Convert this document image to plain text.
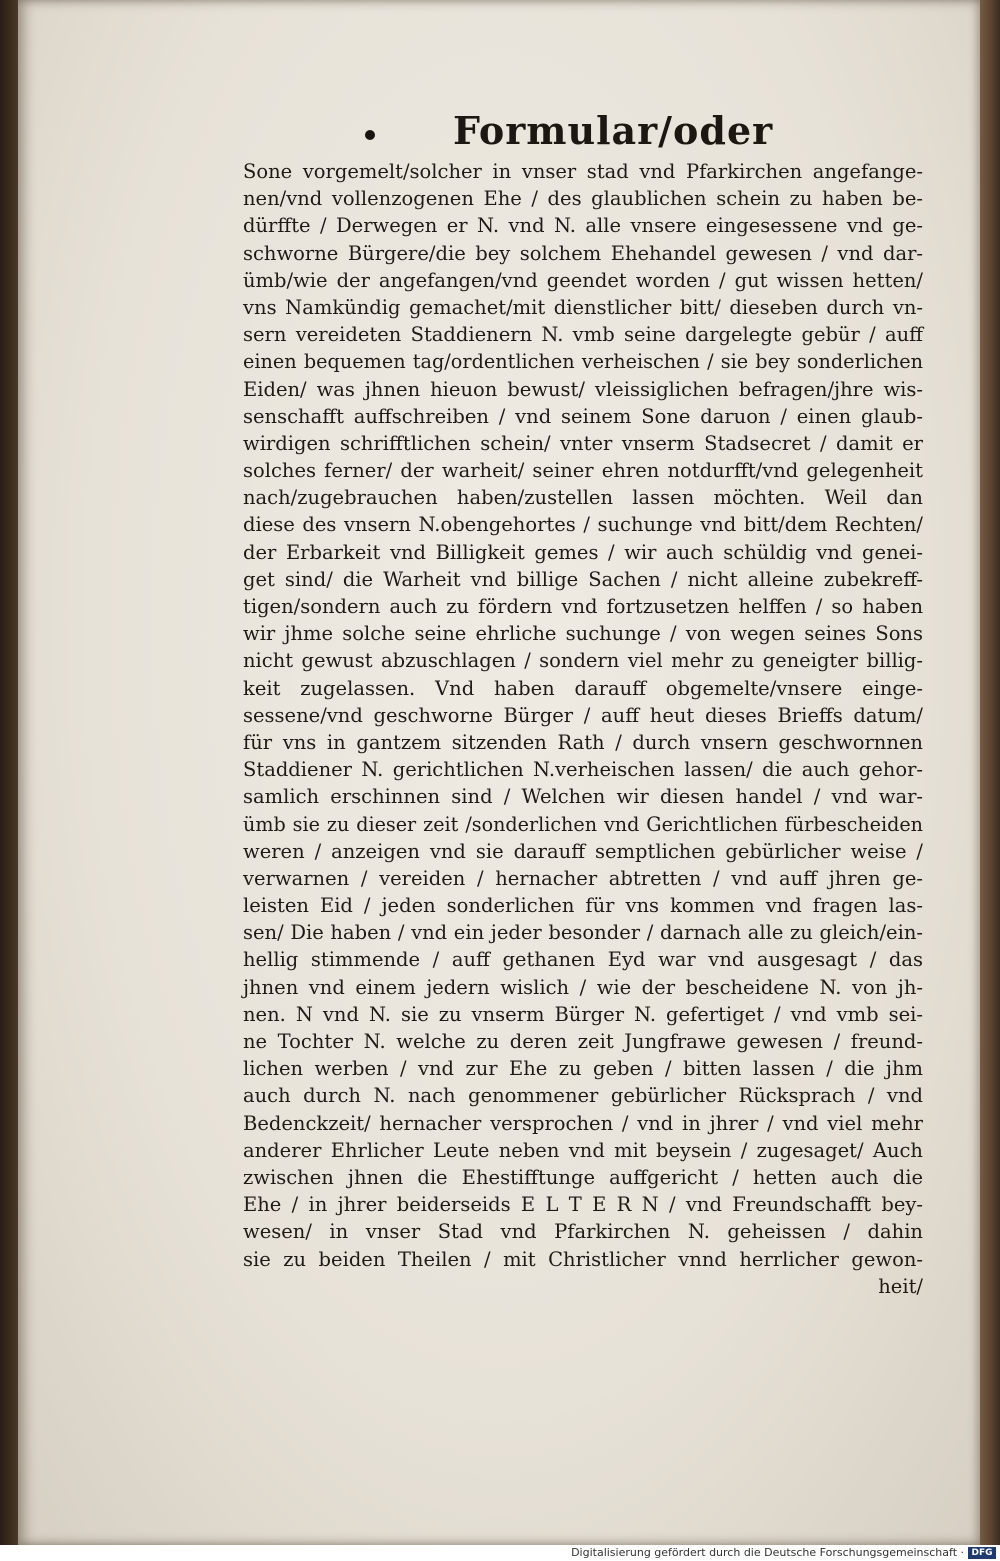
Formular/oder
Sone vorgemelt/solcher in vnser stad vnd Pfarkirchen angefange-
nen/vnd vollenzogenen Ehe / des glaublichen schein zu haben be-
dürffte / Derwegen er N. vnd N. alle vnsere eingesessene vnd ge-
schworne Bürgere/die bey solchem Ehehandel gewesen / vnd dar-
ümb/wie der angefangen/vnd geendet worden / gut wissen hetten/
vns Namkündig gemachet/mit dienstlicher bitt/ dieseben durch vn-
sern vereideten Staddienern N. vmb seine dargelegte gebür / auff
einen bequemen tag/ordentlichen verheischen / sie bey sonderlichen
Eiden/ was jhnen hieuon bewust/ vleissiglichen befragen/jhre wis-
senschafft auffschreiben / vnd seinem Sone daruon / einen glaub-
wirdigen schrifftlichen schein/ vnter vnserm Stadsecret / damit er
solches ferner/ der warheit/ seiner ehren notdurfft/vnd gelegenheit
nach/zugebrauchen haben/zustellen lassen möchten. Weil dan
diese des vnsern N.obengehortes / suchunge vnd bitt/dem Rechten/
der Erbarkeit vnd Billigkeit gemes / wir auch schüldig vnd genei-
get sind/ die Warheit vnd billige Sachen / nicht alleine zubekreff-
tigen/sondern auch zu fördern vnd fortzusetzen helffen / so haben
wir jhme solche seine ehrliche suchunge / von wegen seines Sons
nicht gewust abzuschlagen / sondern viel mehr zu geneigter billig-
keit zugelassen. Vnd haben darauff obgemelte/vnsere einge-
sessene/vnd geschworne Bürger / auff heut dieses Brieffs datum/
für vns in gantzem sitzenden Rath / durch vnsern geschwornnen
Staddiener N. gerichtlichen N.verheischen lassen/ die auch gehor-
samlich erschinnen sind / Welchen wir diesen handel / vnd war-
ümb sie zu dieser zeit /sonderlichen vnd Gerichtlichen fürbescheiden
weren / anzeigen vnd sie darauff semptlichen gebürlicher weise /
verwarnen / vereiden / hernacher abtretten / vnd auff jhren ge-
leisten Eid / jeden sonderlichen für vns kommen vnd fragen las-
sen/ Die haben / vnd ein jeder besonder / darnach alle zu gleich/ein-
hellig stimmende / auff gethanen Eyd war vnd ausgesagt / das
jhnen vnd einem jedern wislich / wie der bescheidene N. von jh-
nen. N vnd N. sie zu vnserm Bürger N. gefertiget / vnd vmb sei-
ne Tochter N. welche zu deren zeit Jungfrawe gewesen / freund-
lichen werben / vnd zur Ehe zu geben / bitten lassen / die jhm
auch durch N. nach genommener gebürlicher Rücksprach / vnd
Bedenckzeit/ hernacher versprochen / vnd in jhrer / vnd viel mehr
anderer Ehrlicher Leute neben vnd mit beysein / zugesaget/ Auch
zwischen jhnen die Ehestifftunge auffgericht / hetten auch die
Ehe / in jhrer beiderseids E L T E R N / vnd Freundschafft bey-
wesen/ in vnser Stad vnd Pfarkirchen N. geheissen / dahin
sie zu beiden Theilen / mit Christlicher vnnd herrlicher gewon-
heit/
Digitalisierung gefördert durch die Deutsche Forschungsgemeinschaft · DFG
